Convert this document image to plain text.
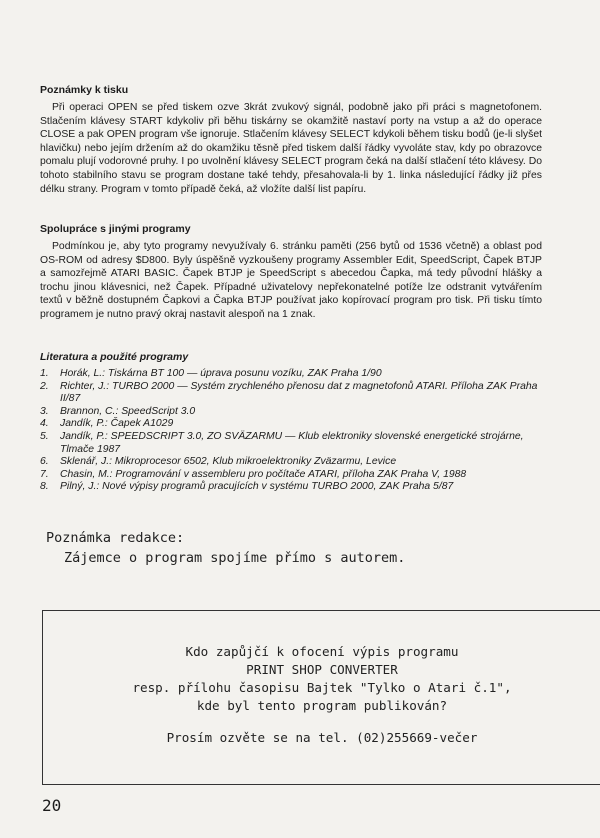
Poznámky k tisku

Při operaci OPEN se před tiskem ozve 3krát zvukový signál, podobně jako při práci s magnetofonem. Stlačením klávesy START kdykoliv při běhu tiskárny se okamžitě nastaví porty na vstup a až do operace CLOSE a pak OPEN program vše ignoruje. Stlačením klávesy SELECT kdykoli během tisku bodů (je-li slyšet hlavičku) nebo jejím držením až do okamžiku těsně před tiskem další řádky vyvoláte stav, kdy po obrazovce pomalu plují vodorovné pruhy. I po uvolnění klávesy SELECT program čeká na další stlačení této klávesy. Do tohoto stabilního stavu se program dostane také tehdy, přesahovala-li by 1. linka následující řádky již přes délku strany. Program v tomto případě čeká, až vložíte další list papíru.

Spolupráce s jinými programy

Podmínkou je, aby tyto programy nevyužívaly 6. stránku paměti (256 bytů od 1536 včetně) a oblast pod OS-ROM od adresy $D800. Byly úspěšně vyzkoušeny programy Assembler Edit, SpeedScript, Čapek BTJP a samozřejmě ATARI BASIC. Čapek BTJP je SpeedScript s abecedou Čapka, má tedy původní hlášky a trochu jinou klávesnici, než Čapek. Případné uživatelovy nepřekonatelné potíže lze odstranit vytvářením textů v běžně dostupném Čapkovi a Čapka BTJP používat jako kopírovací program pro tisk. Při tisku tímto programem je nutno pravý okraj nastavit alespoň na 1 znak.

Literatura a použité programy
1. Horák, L.: Tiskárna BT 100 — úprava posunu vozíku, ZAK Praha 1/90
2. Richter, J.: TURBO 2000 — Systém zrychleného přenosu dat z magnetofonů ATARI. Příloha ZAK Praha II/87
3. Brannon, C.: SpeedScript 3.0
4. Jandík, P.: Čapek A1029
5. Jandík, P.: SPEEDSCRIPT 3.0, ZO SVÄZARMU — Klub elektroniky slovenské energetické strojárne, Tlmače 1987
6. Sklenář, J.: Mikroprocesor 6502, Klub mikroelektroniky Zväzarmu, Levice
7. Chasin, M.: Programování v assembleru pro počítače ATARI, příloha ZAK Praha V, 1988
8. Pilný, J.: Nové výpisy programů pracujících v systému TURBO 2000, ZAK Praha 5/87
Poznámka redakce:
Zájemce o program spojíme přímo s autorem.
Kdo zapůjčí k ofocení výpis programu
PRINT SHOP CONVERTER
resp. přílohu časopisu Bajtek "Tylko o Atari č.1",
kde byl tento program publikován?
Prosím ozvěte se na tel. (02)255669-večer
20
